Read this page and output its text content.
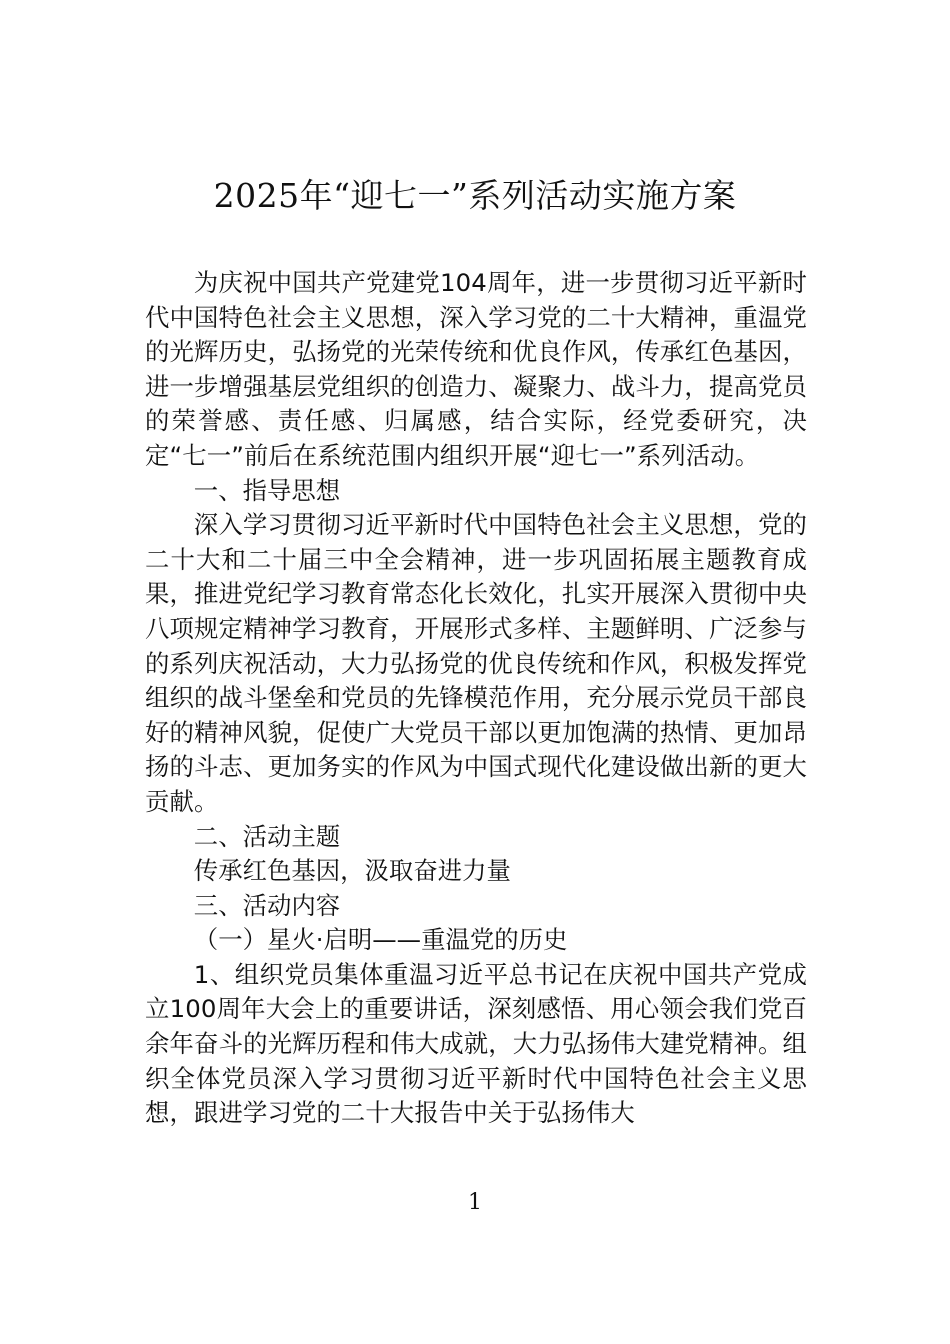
2025年“迎七一”系列活动实施方案

为庆祝中国共产党建党104周年，进一步贯彻习近平新时代中国特色社会主义思想，深入学习党的二十大精神，重温党的光辉历史，弘扬党的光荣传统和优良作风，传承红色基因，进一步增强基层党组织的创造力、凝聚力、战斗力，提高党员的荣誉感、责任感、归属感，结合实际，经党委研究，决定“七一”前后在系统范围内组织开展“迎七一”系列活动。

一、指导思想

深入学习贯彻习近平新时代中国特色社会主义思想，党的二十大和二十届三中全会精神，进一步巩固拓展主题教育成果，推进党纪学习教育常态化长效化，扎实开展深入贯彻中央八项规定精神学习教育，开展形式多样、主题鲜明、广泛参与的系列庆祝活动，大力弘扬党的优良传统和作风，积极发挥党组织的战斗堡垒和党员的先锋模范作用，充分展示党员干部良好的精神风貌，促使广大党员干部以更加饱满的热情、更加昂扬的斗志、更加务实的作风为中国式现代化建设做出新的更大贡献。

二、活动主题

传承红色基因，汲取奋进力量

三、活动内容

（一）星火·启明——重温党的历史

1、组织党员集体重温习近平总书记在庆祝中国共产党成立100周年大会上的重要讲话，深刻感悟、用心领会我们党百余年奋斗的光辉历程和伟大成就，大力弘扬伟大建党精神。组织全体党员深入学习贯彻习近平新时代中国特色社会主义思想，跟进学习党的二十大报告中关于弘扬伟大

1
